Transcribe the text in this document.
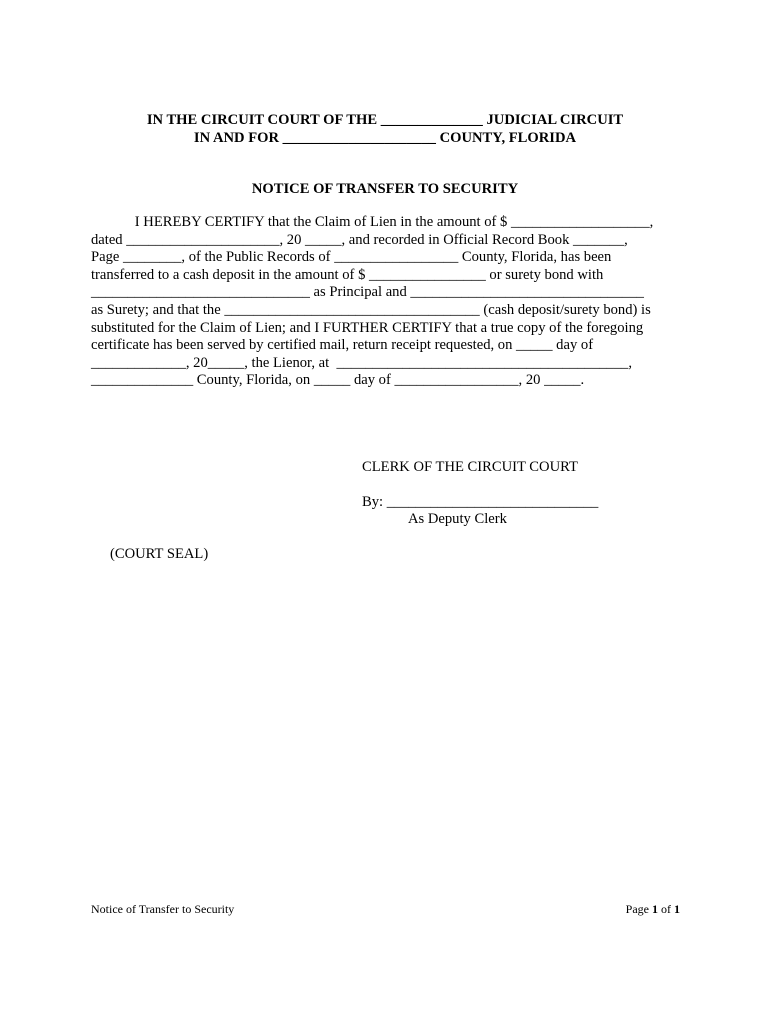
IN THE CIRCUIT COURT OF THE ______________ JUDICIAL CIRCUIT
IN AND FOR _____________________ COUNTY, FLORIDA
NOTICE OF TRANSFER TO SECURITY
I HEREBY CERTIFY that the Claim of Lien in the amount of $ ___________________,
dated _____________________, 20 _____, and recorded in Official Record Book _______,
Page ________, of the Public Records of _________________ County, Florida, has been
transferred to a cash deposit in the amount of $ ________________ or surety bond with
______________________________ as Principal and ________________________________
as Surety; and that the ___________________________________ (cash deposit/surety bond) is
substituted for the Claim of Lien; and I FURTHER CERTIFY that a true copy of the foregoing
certificate has been served by certified mail, return receipt requested, on _____ day of
_____________, 20_____, the Lienor, at  ________________________________________,
______________ County, Florida, on _____ day of _________________, 20 _____.
CLERK OF THE CIRCUIT COURT
By: _____________________________
As Deputy Clerk
(COURT SEAL)
Notice of Transfer to Security	Page 1 of 1
